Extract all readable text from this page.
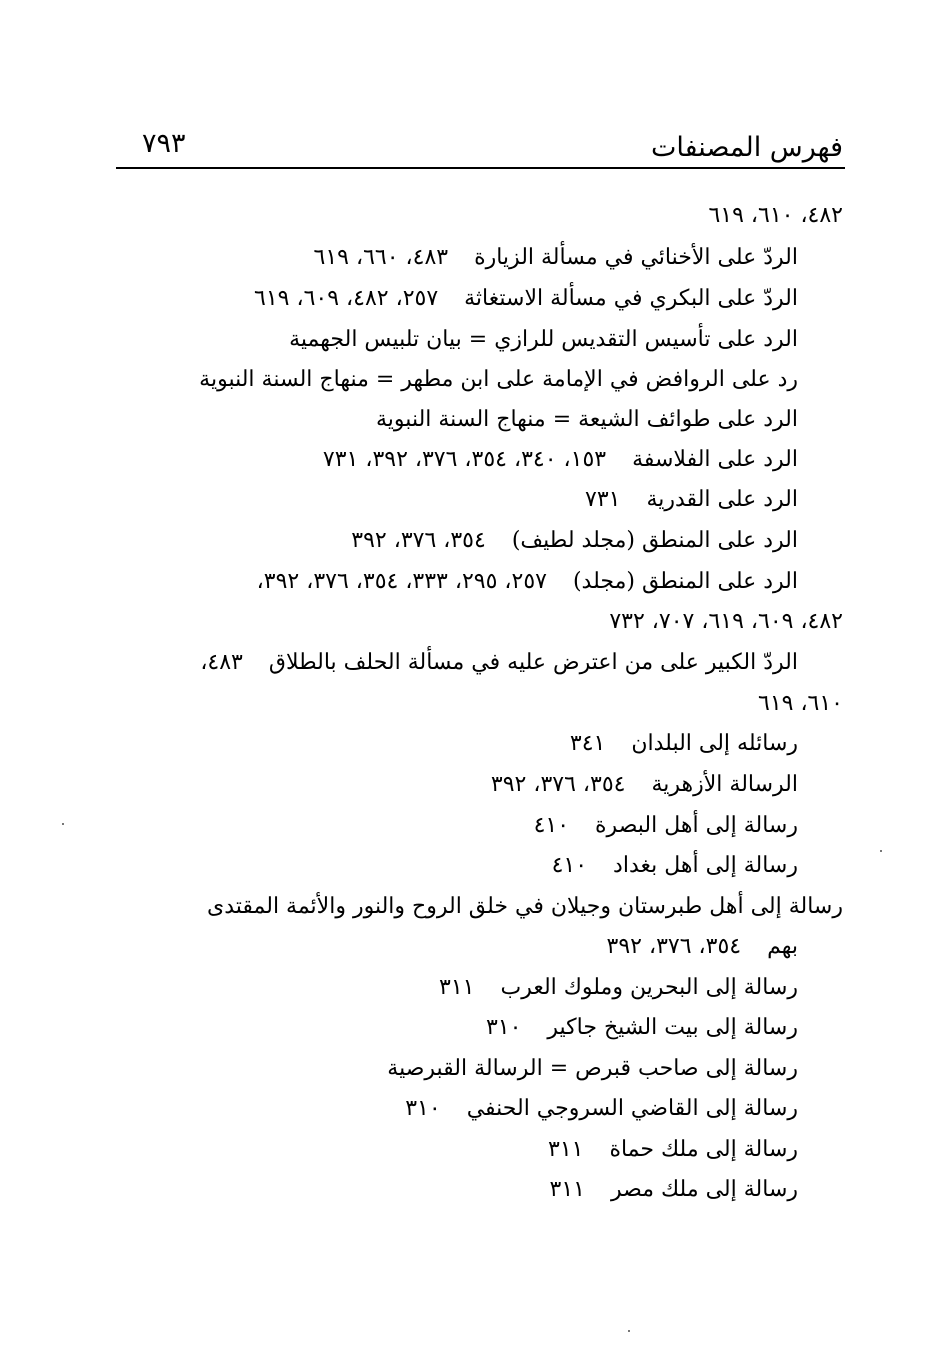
فهرس المصنفات
٧٩٣
٤٨٢، ٦١٠، ٦١٩
الردّ على الأخنائي في مسألة الزيارة٤٨٣، ٦٦٠، ٦١٩
الردّ على البكري في مسألة الاستغاثة٢٥٧، ٤٨٢، ٦٠٩، ٦١٩
الرد على تأسيس التقديس للرازي = بيان تلبيس الجهمية
رد على الروافض في الإمامة على ابن مطهر = منهاج السنة النبوية
الرد على طوائف الشيعة = منهاج السنة النبوية
الرد على الفلاسفة١٥٣، ٣٤٠، ٣٥٤، ٣٧٦، ٣٩٢، ٧٣١
الرد على القدرية٧٣١
الرد على المنطق (مجلد لطيف)٣٥٤، ٣٧٦، ٣٩٢
الرد على المنطق (مجلد)٢٥٧، ٢٩٥، ٣٣٣، ٣٥٤، ٣٧٦، ٣٩٢،
٤٨٢، ٦٠٩، ٦١٩، ٧٠٧، ٧٣٢
الردّ الكبير على من اعترض عليه في مسألة الحلف بالطلاق٤٨٣،
٦١٠، ٦١٩
رسائله إلى البلدان٣٤١
الرسالة الأزهرية٣٥٤، ٣٧٦، ٣٩٢
رسالة إلى أهل البصرة٤١٠
رسالة إلى أهل بغداد٤١٠
رسالة إلى أهل طبرستان وجيلان في خلق الروح والنور والأئمة المقتدى
بهم٣٥٤، ٣٧٦، ٣٩٢
رسالة إلى البحرين وملوك العرب٣١١
رسالة إلى بيت الشيخ جاكير٣١٠
رسالة إلى صاحب قبرص = الرسالة القبرصية
رسالة إلى القاضي السروجي الحنفي٣١٠
رسالة إلى ملك حماة٣١١
رسالة إلى ملك مصر٣١١
